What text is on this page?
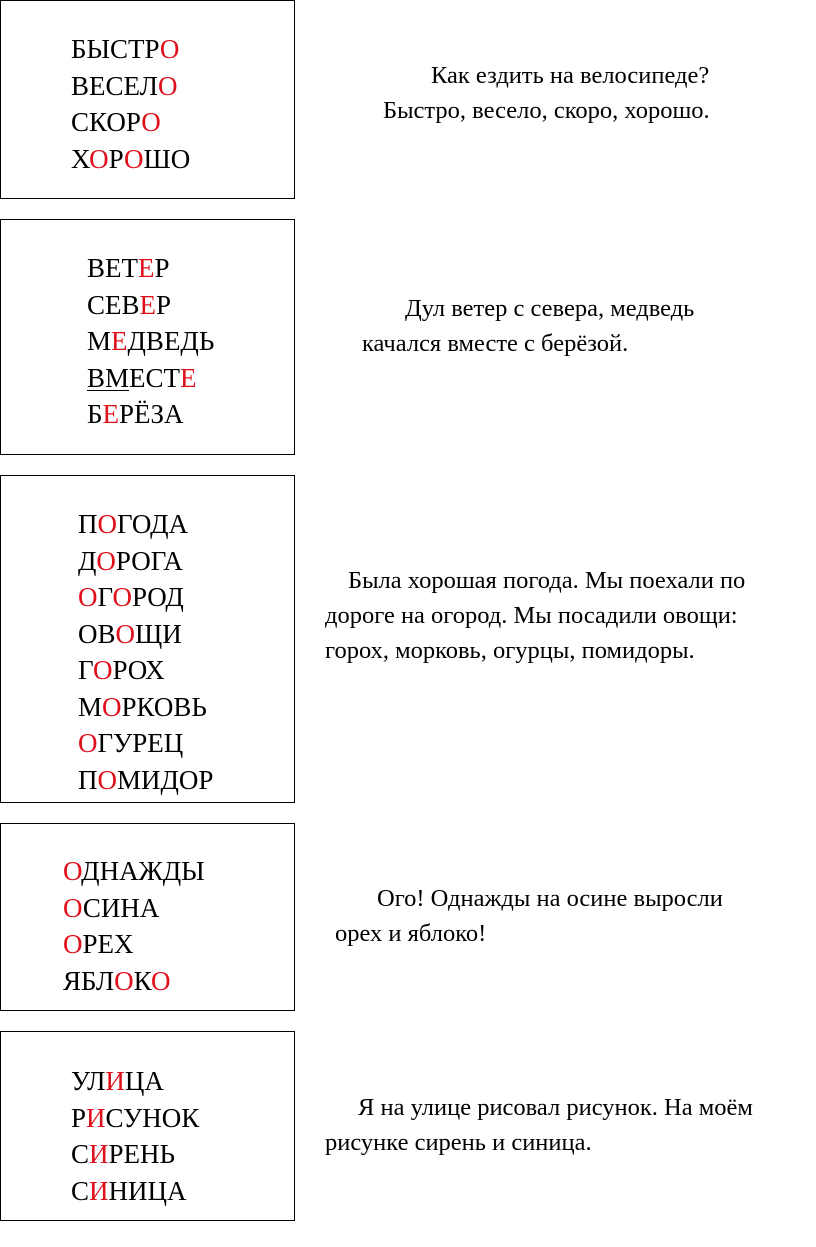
БЫСТРО
ВЕСЕЛО
СКОРО
ХОРОШО
ВЕТЕР
СЕВЕР
МЕДВЕДЬ
ВМЕСТЕ
БЕРЁЗА
ПОГОДА
ДОРОГА
ОГОРОД
ОВОЩИ
ГОРОХ
МОРКОВЬ
ОГУРЕЦ
ПОМИДОР
ОДНАЖДЫ
ОСИНА
ОРЕХ
ЯБЛОКО
УЛИЦА
РИСУНОК
СИРЕНЬ
СИНИЦА
Как ездить на велосипеде?
Быстро, весело, скоро, хорошо.
Дул ветер с севера, медведь
качался вместе с берёзой.
Была хорошая погода. Мы поехали по
дороге на огород. Мы посадили овощи:
горох, морковь, огурцы, помидоры.
Ого! Однажды на осине выросли
орех и яблоко!
Я на улице рисовал рисунок. На моём
рисунке сирень и синица.
